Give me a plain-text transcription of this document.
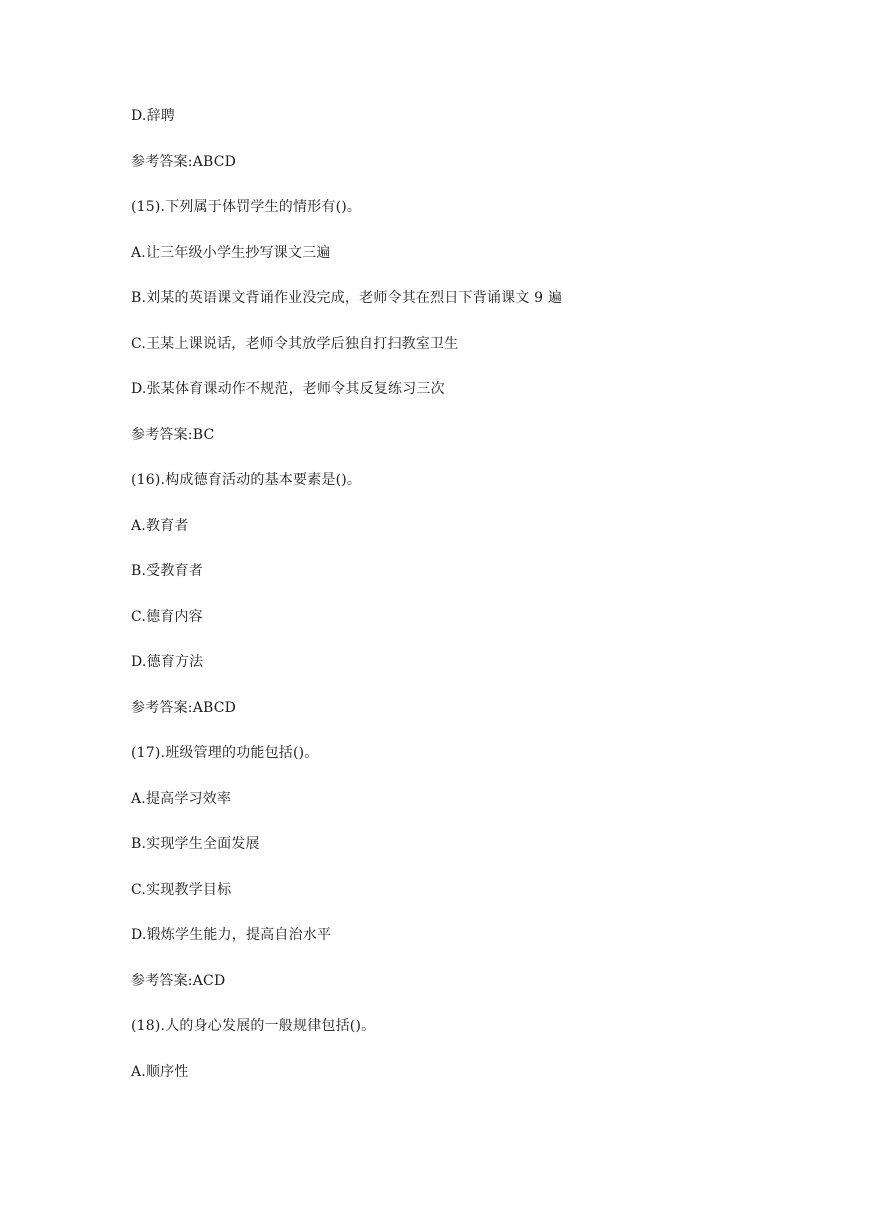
D.辞聘
参考答案:ABCD
(15).下列属于体罚学生的情形有()。
A.让三年级小学生抄写课文三遍
B.刘某的英语课文背诵作业没完成，老师令其在烈日下背诵课文 9 遍
C.王某上课说话，老师令其放学后独自打扫教室卫生
D.张某体育课动作不规范，老师令其反复练习三次
参考答案:BC
(16).构成德育活动的基本要素是()。
A.教育者
B.受教育者
C.德育内容
D.德育方法
参考答案:ABCD
(17).班级管理的功能包括()。
A.提高学习效率
B.实现学生全面发展
C.实现教学目标
D.锻炼学生能力，提高自治水平
参考答案:ACD
(18).人的身心发展的一般规律包括()。
A.顺序性
